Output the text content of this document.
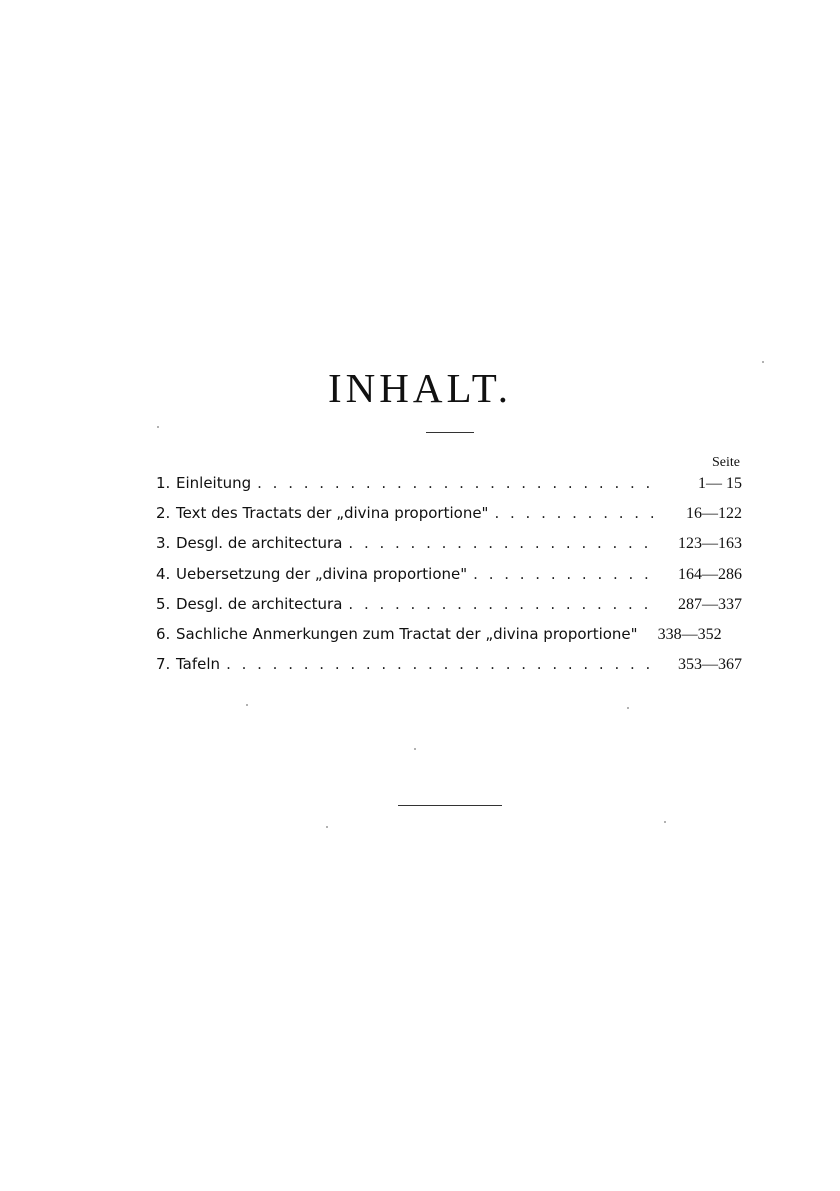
INHALT.
Seite
1. Einleitung . . .	1— 15
2. Text des Tractats der „divina proportione" . . .	16—122
3. Desgl. de architectura . . .	123—163
4. Uebersetzung der „divina proportione" . . .	164—286
5. Desgl. de architectura . . .	287—337
6. Sachliche Anmerkungen zum Tractat der „divina proportione"	338—352
7. Tafeln . . .	353—367
